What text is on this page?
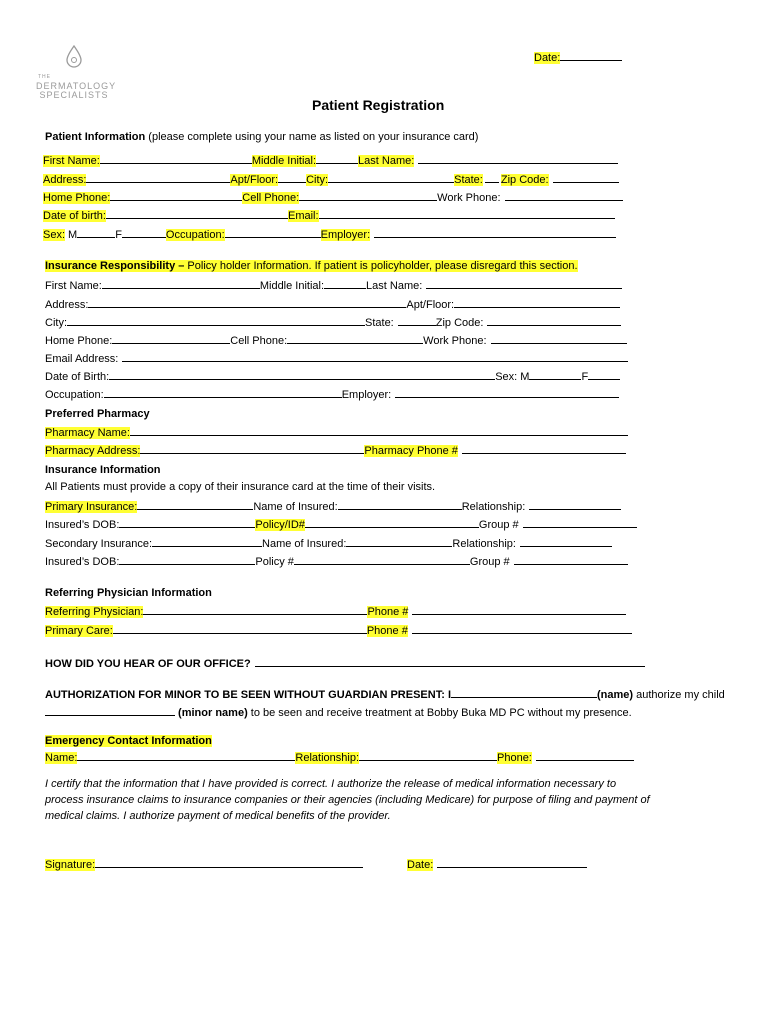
THE
DERMATOLOGY
SPECIALISTS
Date:
Patient Registration
Patient Information (please complete using your name as listed on your insurance card)
First Name:	Middle Initial:	Last Name:
Address:	Apt/Floor:	City:	State: Zip Code:
Home Phone:	Cell Phone:	Work Phone:
Date of birth:	Email:
Sex: M	F	Occupation:	Employer:
Insurance Responsibility – Policy holder Information. If patient is policyholder, please disregard this section.
First Name:	Middle Initial:	Last Name:
Address:	Apt/Floor:
City:	State:	Zip Code:
Home Phone:	Cell Phone:	Work Phone:
Email Address:
Date of Birth:	Sex: M	F
Occupation:	Employer:
Preferred Pharmacy
Pharmacy Name:
Pharmacy Address:	Pharmacy Phone #
Insurance Information
All Patients must provide a copy of their insurance card at the time of their visits.
Primary Insurance:	Name of Insured:	Relationship:
Insured’s DOB:	Policy/ID#	Group #
Secondary Insurance:	Name of Insured:	Relationship:
Insured’s DOB:	Policy #	Group #
Referring Physician Information
Referring Physician:	Phone #
Primary Care:	Phone #
HOW DID YOU HEAR OF OUR OFFICE?
AUTHORIZATION FOR MINOR TO BE SEEN WITHOUT GUARDIAN PRESENT: I	(name) authorize my child
(minor name) to be seen and receive treatment at Bobby Buka MD PC without my presence.
Emergency Contact Information
Name:	Relationship:	Phone:
I certify that the information that I have provided is correct. I authorize the release of medical information necessary to process insurance claims to insurance companies or their agencies (including Medicare) for purpose of filing and payment of medical claims. I authorize payment of medical benefits of the provider.
Signature:	Date:
